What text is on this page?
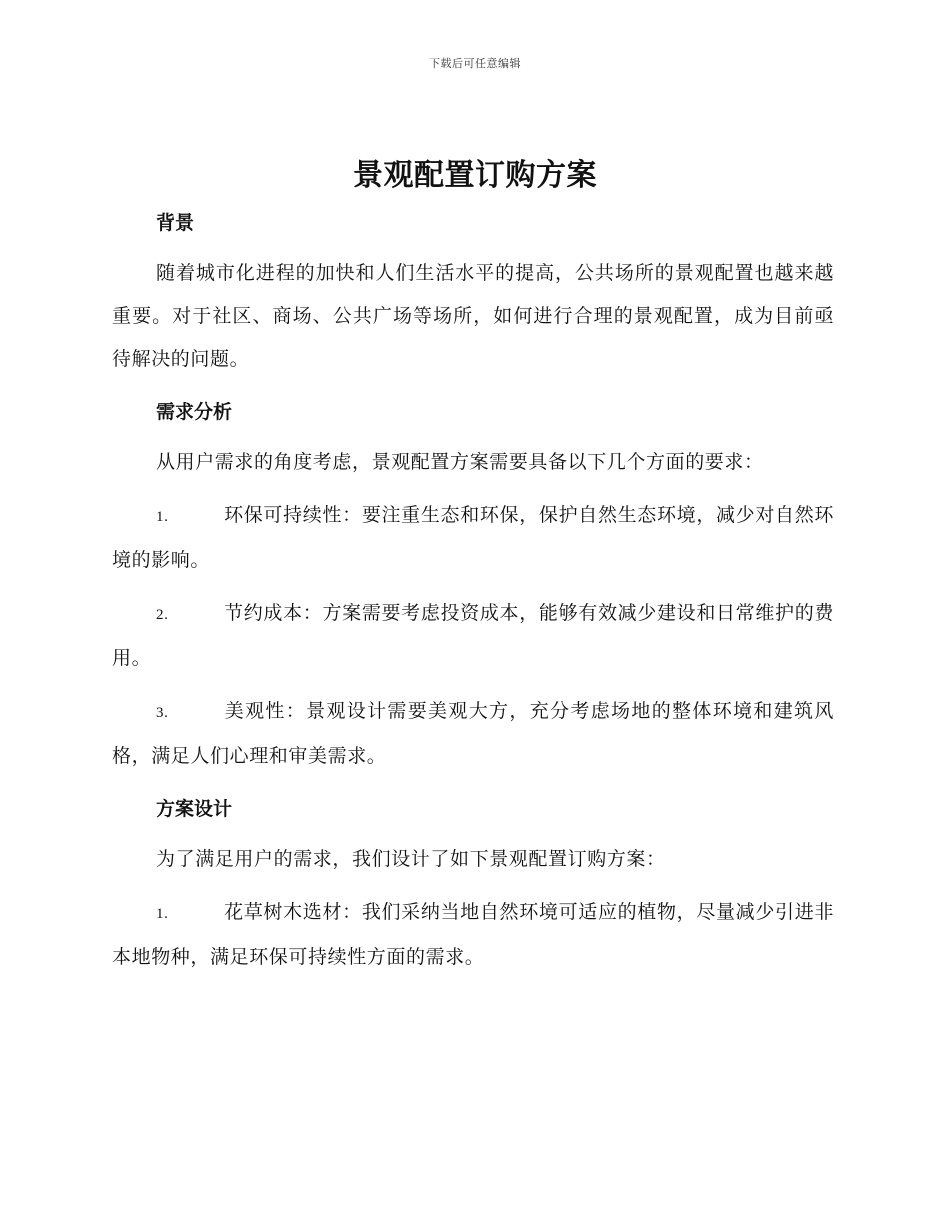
下载后可任意编辑
景观配置订购方案
背景

随着城市化进程的加快和人们生活水平的提高，公共场所的景观配置也越来越重要。对于社区、商场、公共广场等场所，如何进行合理的景观配置，成为目前亟待解决的问题。

需求分析

从用户需求的角度考虑，景观配置方案需要具备以下几个方面的要求：

1.	环保可持续性：要注重生态和环保，保护自然生态环境，减少对自然环境的影响。

2.	节约成本：方案需要考虑投资成本，能够有效减少建设和日常维护的费用。

3.	美观性：景观设计需要美观大方，充分考虑场地的整体环境和建筑风格，满足人们心理和审美需求。

方案设计

为了满足用户的需求，我们设计了如下景观配置订购方案：

1.	花草树木选材：我们采纳当地自然环境可适应的植物，尽量减少引进非本地物种，满足环保可持续性方面的需求。
